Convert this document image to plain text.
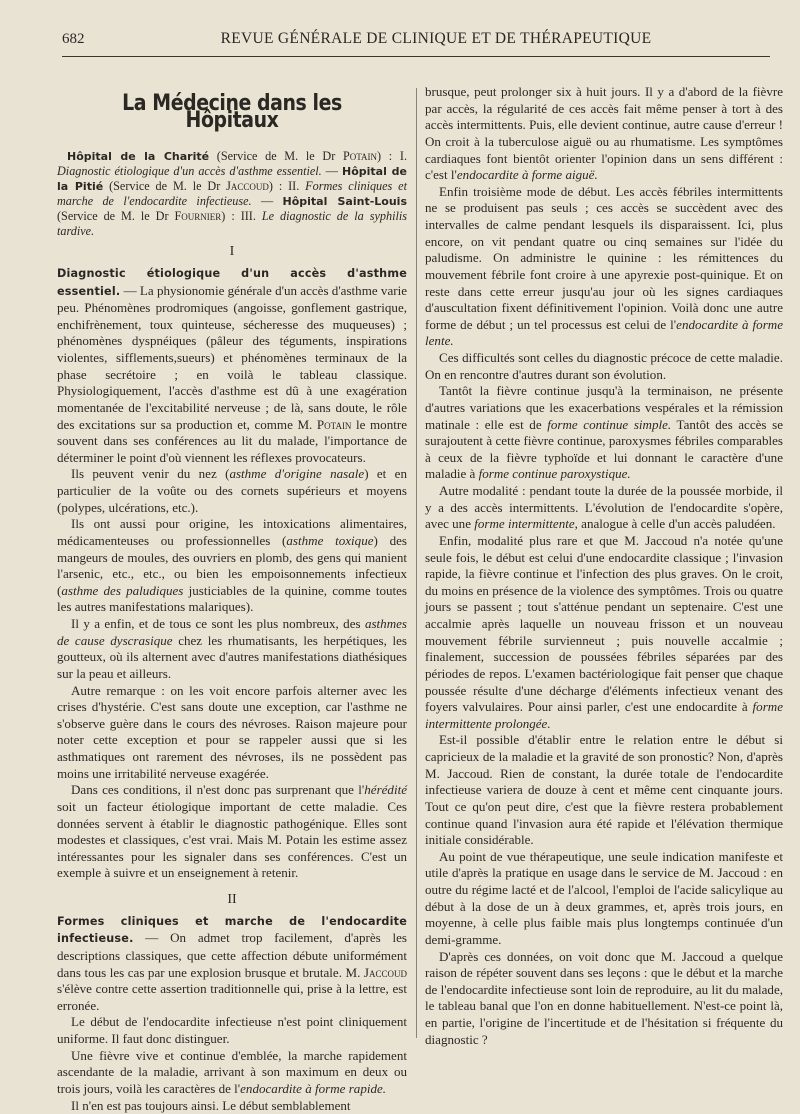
682	REVUE GÉNÉRALE DE CLINIQUE ET DE THÉRAPEUTIQUE
La Médecine dans les Hôpitaux

Hôpital de la Charité (Service de M. le Dr Potain) : I. Diagnostic étiologique d'un accès d'asthme essentiel. — Hôpital de la Pitié (Service de M. le Dr Jaccoud) : II. Formes cliniques et marche de l'endocardite infectieuse. — Hôpital Saint-Louis (Service de M. le Dr Fournier) : III. Le diagnostic de la syphilis tardive.

I

Diagnostic étiologique d'un accès d'asthme essentiel. — La physionomie générale d'un accès d'asthme varie peu. Phénomènes prodromiques (angoisse, gonflement gastrique, enchifrènement, toux quinteuse, sécheresse des muqueuses) ; phénomènes dyspnéiques (pâleur des téguments, inspirations violentes, sifflements,sueurs) et phénomènes terminaux de la phase secrétoire ; en voilà le tableau classique. Physiologiquement, l'accès d'asthme est dû à une exagération momentanée de l'excitabilité nerveuse ; de là, sans doute, le rôle des excitations sur sa production et, comme M. Potain le montre souvent dans ses conférences au lit du malade, l'importance de déterminer le point d'où viennent les réflexes provocateurs.

Ils peuvent venir du nez (asthme d'origine nasale) et en particulier de la voûte ou des cornets supérieurs et moyens (polypes, ulcérations, etc.).

Ils ont aussi pour origine, les intoxications alimentaires, médicamenteuses ou professionnelles (asthme toxique) des mangeurs de moules, des ouvriers en plomb, des gens qui manient l'arsenic, etc., etc., ou bien les empoisonnements infectieux (asthme des paludiques justiciables de la quinine, comme toutes les autres manifestations malariques).

Il y a enfin, et de tous ce sont les plus nombreux, des asthmes de cause dyscrasique chez les rhumatisants, les herpétiques, les goutteux, où ils alternent avec d'autres manifestations diathésiques sur la peau et ailleurs.

Autre remarque : on les voit encore parfois alterner avec les crises d'hystérie. C'est sans doute une exception, car l'asthme ne s'observe guère dans le cours des névroses. Raison majeure pour noter cette exception et pour se rappeler aussi que si les asthmatiques ont rarement des névroses, ils ne possèdent pas moins une irritabilité nerveuse exagérée.

Dans ces conditions, il n'est donc pas surprenant que l'hérédité soit un facteur étiologique important de cette maladie. Ces données servent à établir le diagnostic pathogénique. Elles sont modestes et classiques, c'est vrai. Mais M. Potain les estime assez intéressantes pour les signaler dans ses conférences. C'est un exemple à suivre et un enseignement à retenir.

II

Formes cliniques et marche de l'endocardite infectieuse. — On admet trop facilement, d'après les descriptions classiques, que cette affection débute uniformément dans tous les cas par une explosion brusque et brutale. M. Jaccoud s'élève contre cette assertion traditionnelle qui, prise à la lettre, est erronée.

Le début de l'endocardite infectieuse n'est point cliniquement uniforme. Il faut donc distinguer.

Une fièvre vive et continue d'emblée, la marche rapidement ascendante de la maladie, arrivant à son maximum en deux ou trois jours, voilà les caractères de l'endocardite à forme rapide.

Il n'en est pas toujours ainsi. Le début semblablement

brusque, peut prolonger six à huit jours. Il y a d'abord de la fièvre par accès, la régularité de ces accès fait même penser à tort à des accès intermittents. Puis, elle devient continue, autre cause d'erreur ! On croit à la tuberculose aiguë ou au rhumatisme. Les symptômes cardiaques font bientôt orienter l'opinion dans un sens différent : c'est l'endocardite à forme aiguë.

Enfin troisième mode de début. Les accès fébriles intermittents ne se produisent pas seuls ; ces accès se succèdent avec des intervalles de calme pendant lesquels ils disparaissent. Ici, plus encore, on vit pendant quatre ou cinq semaines sur l'idée du paludisme. On administre le quinine : les rémittences du mouvement fébrile font croire à une apyrexie post-quinique. Et on reste dans cette erreur jusqu'au jour où les signes cardiaques d'auscultation fixent définitivement l'opinion. Voilà donc une autre forme de début ; un tel processus est celui de l'endocardite à forme lente.

Ces difficultés sont celles du diagnostic précoce de cette maladie. On en rencontre d'autres durant son évolution.

Tantôt la fièvre continue jusqu'à la terminaison, ne présente d'autres variations que les exacerbations vespérales et la rémission matinale : elle est de forme continue simple. Tantôt des accès se surajoutent à cette fièvre continue, paroxysmes fébriles comparables à ceux de la fièvre typhoïde et lui donnant le caractère d'une maladie à forme continue paroxystique.

Autre modalité : pendant toute la durée de la poussée morbide, il y a des accès intermittents. L'évolution de l'endocardite s'opère, avec une forme intermittente, analogue à celle d'un accès paludéen.

Enfin, modalité plus rare et que M. Jaccoud n'a notée qu'une seule fois, le début est celui d'une endocardite classique ; l'invasion rapide, la fièvre continue et l'infection des plus graves. On le croit, du moins en présence de la violence des symptômes. Trois ou quatre jours se passent ; tout s'atténue pendant un septenaire. C'est une accalmie après laquelle un nouveau frisson et un nouveau mouvement fébrile survienneut ; puis nouvelle accalmie ; finalement, succession de poussées fébriles séparées par des périodes de repos. L'examen bactériologique fait penser que chaque poussée résulte d'une décharge d'éléments infectieux venant des foyers valvulaires. Pour ainsi parler, c'est une endocardite à forme intermittente prolongée.

Est-il possible d'établir entre le relation entre le début si capricieux de la maladie et la gravité de son pronostic? Non, d'après M. Jaccoud. Rien de constant, la durée totale de l'endocardite infectieuse variera de douze à cent et même cent cinquante jours. Tout ce qu'on peut dire, c'est que la fièvre restera probablement continue quand l'invasion aura été rapide et l'élévation thermique initiale considérable.

Au point de vue thérapeutique, une seule indication manifeste et utile d'après la pratique en usage dans le service de M. Jaccoud : en outre du régime lacté et de l'alcool, l'emploi de l'acide salicylique au début à la dose de un à deux grammes, et, après trois jours, en moyenne, à celle plus faible mais plus longtemps continuée d'un demi-gramme.

D'après ces données, on voit donc que M. Jaccoud a quelque raison de répéter souvent dans ses leçons : que le début et la marche de l'endocardite infectieuse sont loin de reproduire, au lit du malade, le tableau banal que l'on en donne habituellement. N'est-ce point là, en partie, l'origine de l'incertitude et de l'hésitation si fréquente du diagnostic ?
